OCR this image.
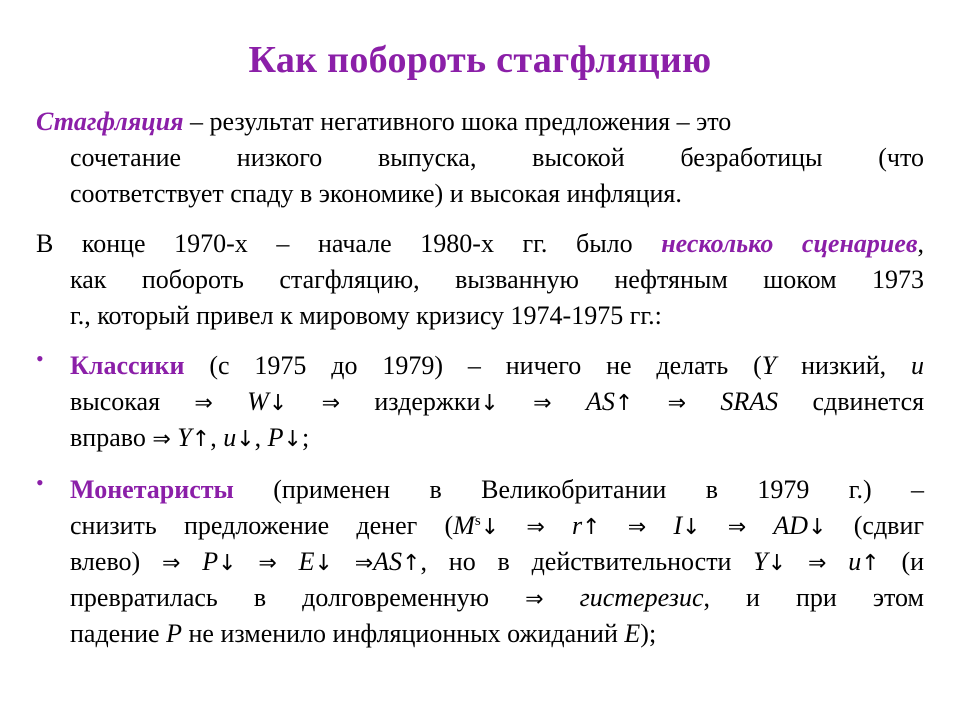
Как побороть стагфляцию
Стагфляция – результат негативного шока предложения – это
сочетание низкого выпуска, высокой безработицы (что
соответствует спаду в экономике) и высокая инфляция.
В конце 1970-х – начале 1980-х гг. было несколько сценариев,
как побороть стагфляцию, вызванную нефтяным шоком 1973
г., который привел к мировому кризису 1974-1975 гг.:
•	Классики (с 1975 до 1979) – ничего не делать (Y низкий, u
высокая ⇒ W↓ ⇒ издержки↓ ⇒ AS↑ ⇒ SRAS сдвинется
вправо ⇒ Y↑, u↓, P↓;
•	Монетаристы (применен в Великобритании в 1979 г.) –
снизить предложение денег ($M^s↓$ ⇒ r↑ ⇒ I↓ ⇒ AD↓ (сдвиг
влево) ⇒ P↓ ⇒ E↓ ⇒AS↑, но в действительности Y↓ ⇒ u↑ (и
превратилась в долговременную ⇒ гистерезис, и при этом
падение P не изменило инфляционных ожиданий E);
